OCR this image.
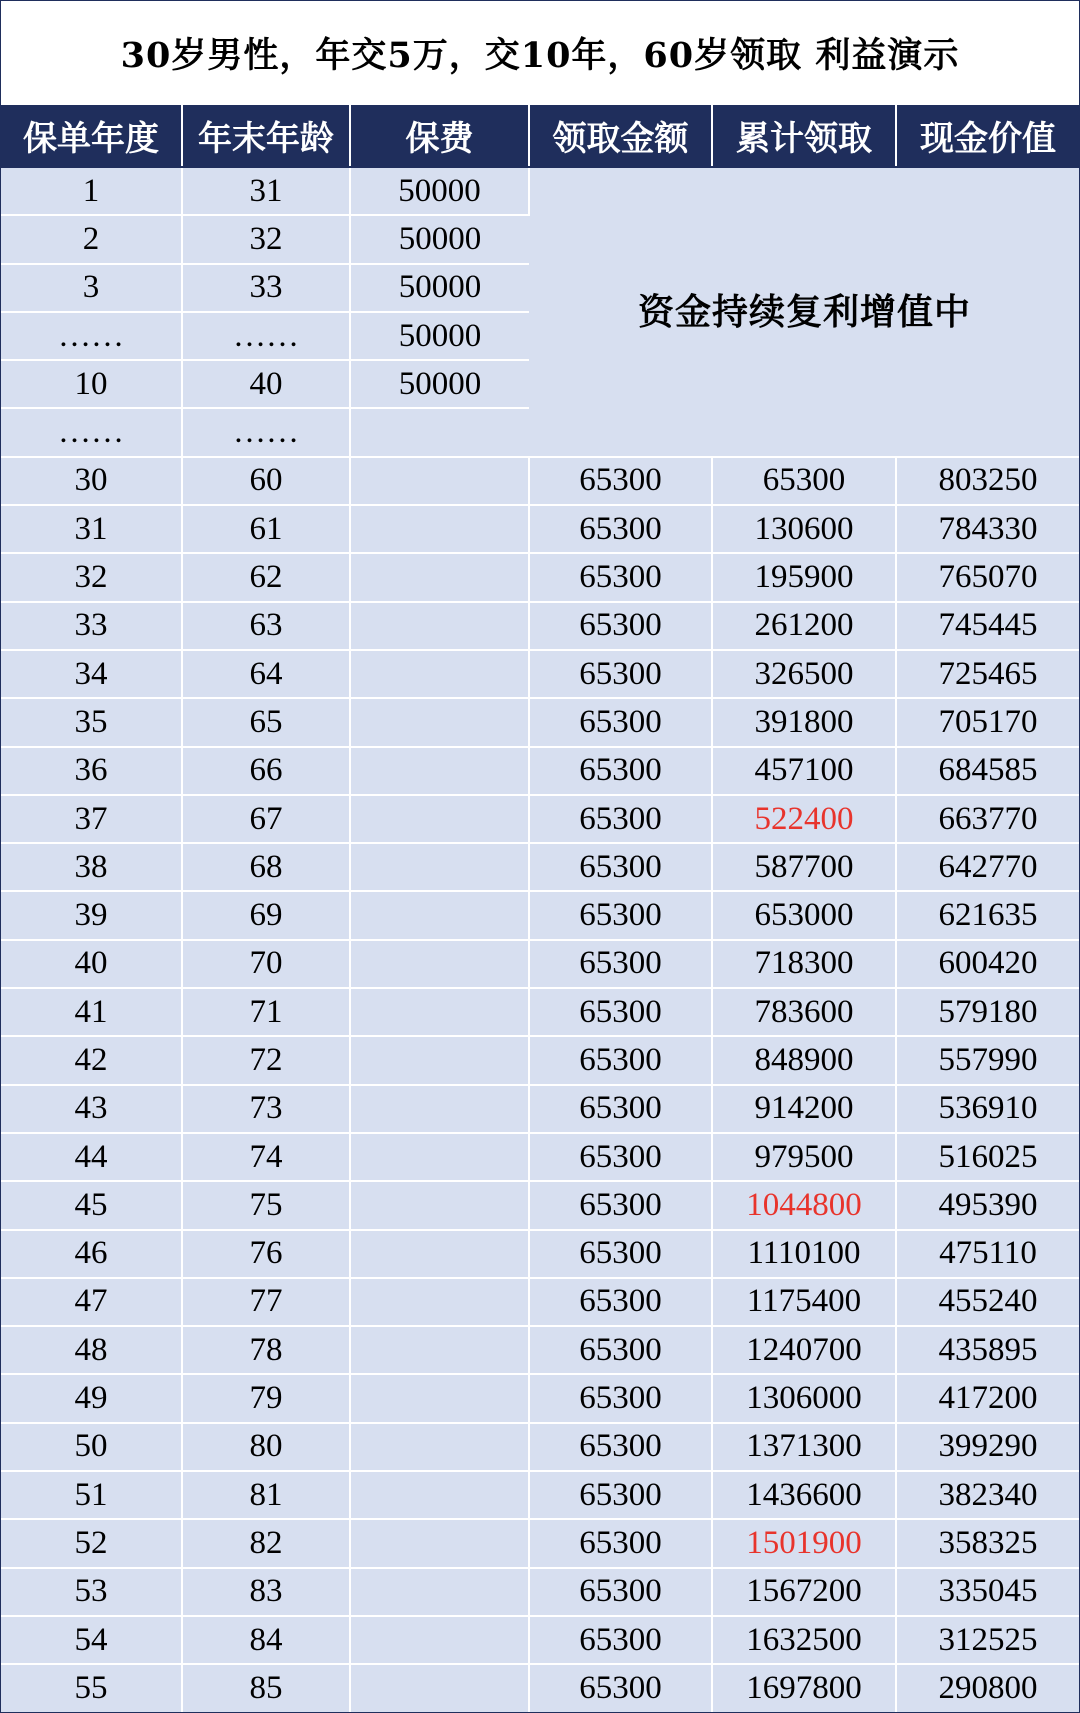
30岁男性，年交5万，交10年，60岁领取 利益演示
保单年度	年末年龄	保费	领取金额	累计领取	现金价值
1	31	50000	资金持续复利增值中		
2	32	50000			
3	33	50000			
……	……	50000			
10	40	50000			
……	……				
30	60		65300	65300	803250
31	61		65300	130600	784330
32	62		65300	195900	765070
33	63		65300	261200	745445
34	64		65300	326500	725465
35	65		65300	391800	705170
36	66		65300	457100	684585
37	67		65300	522400	663770
38	68		65300	587700	642770
39	69		65300	653000	621635
40	70		65300	718300	600420
41	71		65300	783600	579180
42	72		65300	848900	557990
43	73		65300	914200	536910
44	74		65300	979500	516025
45	75		65300	1044800	495390
46	76		65300	1110100	475110
47	77		65300	1175400	455240
48	78		65300	1240700	435895
49	79		65300	1306000	417200
50	80		65300	1371300	399290
51	81		65300	1436600	382340
52	82		65300	1501900	358325
53	83		65300	1567200	335045
54	84		65300	1632500	312525
55	85		65300	1697800	290800
